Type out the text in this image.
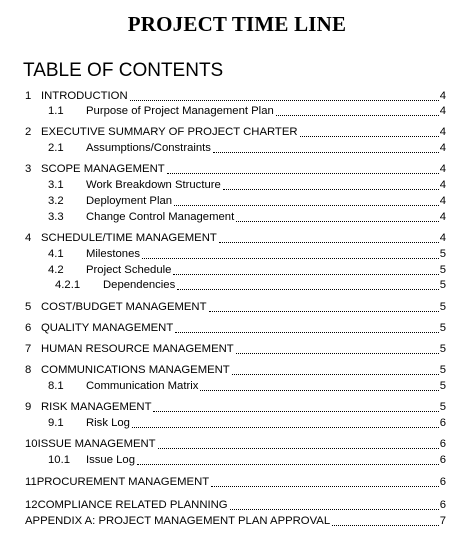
PROJECT TIME LINE
TABLE OF CONTENTS
1 INTRODUCTION	4
1.1	Purpose of Project Management Plan	4
2 EXECUTIVE SUMMARY OF PROJECT CHARTER	4
2.1	Assumptions/Constraints	4
3 SCOPE MANAGEMENT	4
3.1	Work Breakdown Structure	4
3.2	Deployment Plan	4
3.3	Change Control Management	4
4 SCHEDULE/TIME MANAGEMENT	4
4.1	Milestones	5
4.2	Project Schedule	5
4.2.1	Dependencies	5
5 COST/BUDGET MANAGEMENT	5
6 QUALITY MANAGEMENT	5
7 HUMAN RESOURCE MANAGEMENT	5
8 COMMUNICATIONS MANAGEMENT	5
8.1	Communication Matrix	5
9 RISK MANAGEMENT	5
9.1	Risk Log	6
10 ISSUE MANAGEMENT	6
10.1	Issue Log	6
11 PROCUREMENT MANAGEMENT	6
12 COMPLIANCE RELATED PLANNING	6
APPENDIX A: PROJECT MANAGEMENT PLAN APPROVAL	7
